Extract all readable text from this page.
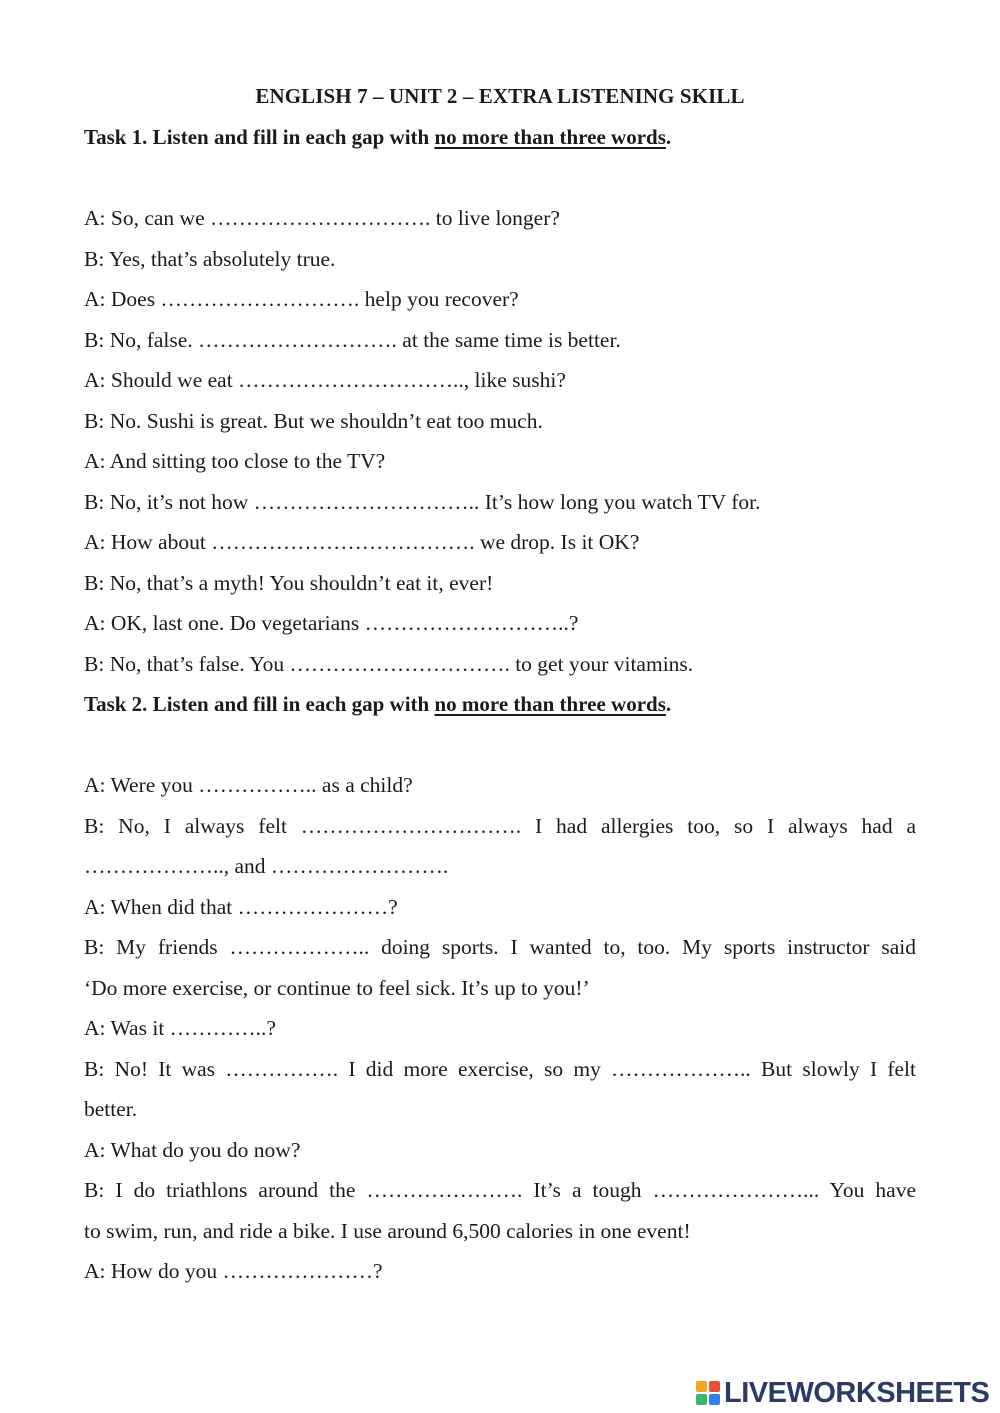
ENGLISH 7 – UNIT 2 – EXTRA LISTENING SKILL
Task 1. Listen and fill in each gap with no more than three words.
A: So, can we …………………………. to live longer?
B: Yes, that’s absolutely true.
A: Does ………………………. help you recover?
B: No, false. ………………………. at the same time is better.
A: Should we eat ………………………….., like sushi?
B: No. Sushi is great. But we shouldn’t eat too much.
A: And sitting too close to the TV?
B: No, it’s not how ………………………….. It’s how long you watch TV for.
A: How about ………………………………. we drop. Is it OK?
B: No, that’s a myth! You shouldn’t eat it, ever!
A: OK, last one. Do vegetarians ………………………..?
B: No, that’s false. You …………………………. to get your vitamins.
Task 2. Listen and fill in each gap with no more than three words.
A: Were you …………….. as a child?
B: No, I always felt …………………………. I had allergies too, so I always had a
……………….., and …………………….
A: When did that …………………?
B: My friends ……………….. doing sports. I wanted to, too. My sports instructor said
‘Do more exercise, or continue to feel sick. It’s up to you!’
A: Was it …………..?
B: No! It was ……………. I did more exercise, so my ……………….. But slowly I felt
better.
A: What do you do now?
B: I do triathlons around the …………………. It’s a tough …………………... You have
to swim, run, and ride a bike. I use around 6,500 calories in one event!
A: How do you …………………?
LIVEWORKSHEETS
